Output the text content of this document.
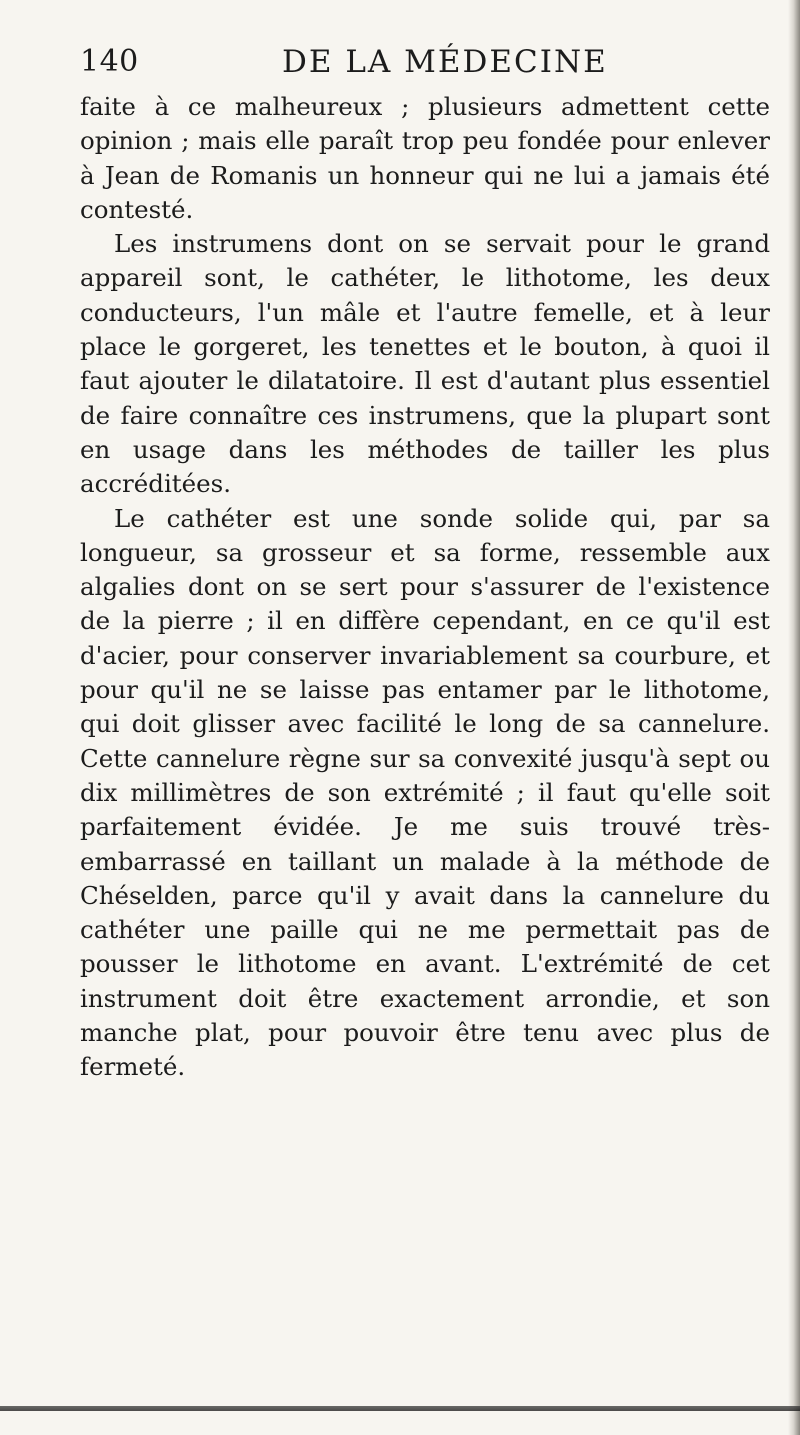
140	DE LA MÉDECINE

faite à ce malheureux ; plusieurs admettent cette opinion ; mais elle paraît trop peu fondée pour enlever à Jean de Romanis un honneur qui ne lui a jamais été contesté.

Les instrumens dont on se servait pour le grand appareil sont, le cathéter, le lithotome, les deux conducteurs, l'un mâle et l'autre femelle, et à leur place le gorgeret, les tenettes et le bouton, à quoi il faut ajouter le dilatatoire. Il est d'autant plus essentiel de faire connaître ces instrumens, que la plupart sont en usage dans les méthodes de tailler les plus accréditées.

Le cathéter est une sonde solide qui, par sa longueur, sa grosseur et sa forme, ressemble aux algalies dont on se sert pour s'assurer de l'existence de la pierre ; il en diffère cependant, en ce qu'il est d'acier, pour conserver invariablement sa courbure, et pour qu'il ne se laisse pas entamer par le lithotome, qui doit glisser avec facilité le long de sa cannelure. Cette cannelure règne sur sa convexité jusqu'à sept ou dix millimètres de son extrémité ; il faut qu'elle soit parfaitement évidée. Je me suis trouvé très-embarrassé en taillant un malade à la méthode de Chéselden, parce qu'il y avait dans la cannelure du cathéter une paille qui ne me permettait pas de pousser le lithotome en avant. L'extrémité de cet instrument doit être exactement arrondie, et son manche plat, pour pouvoir être tenu avec plus de fermeté.
